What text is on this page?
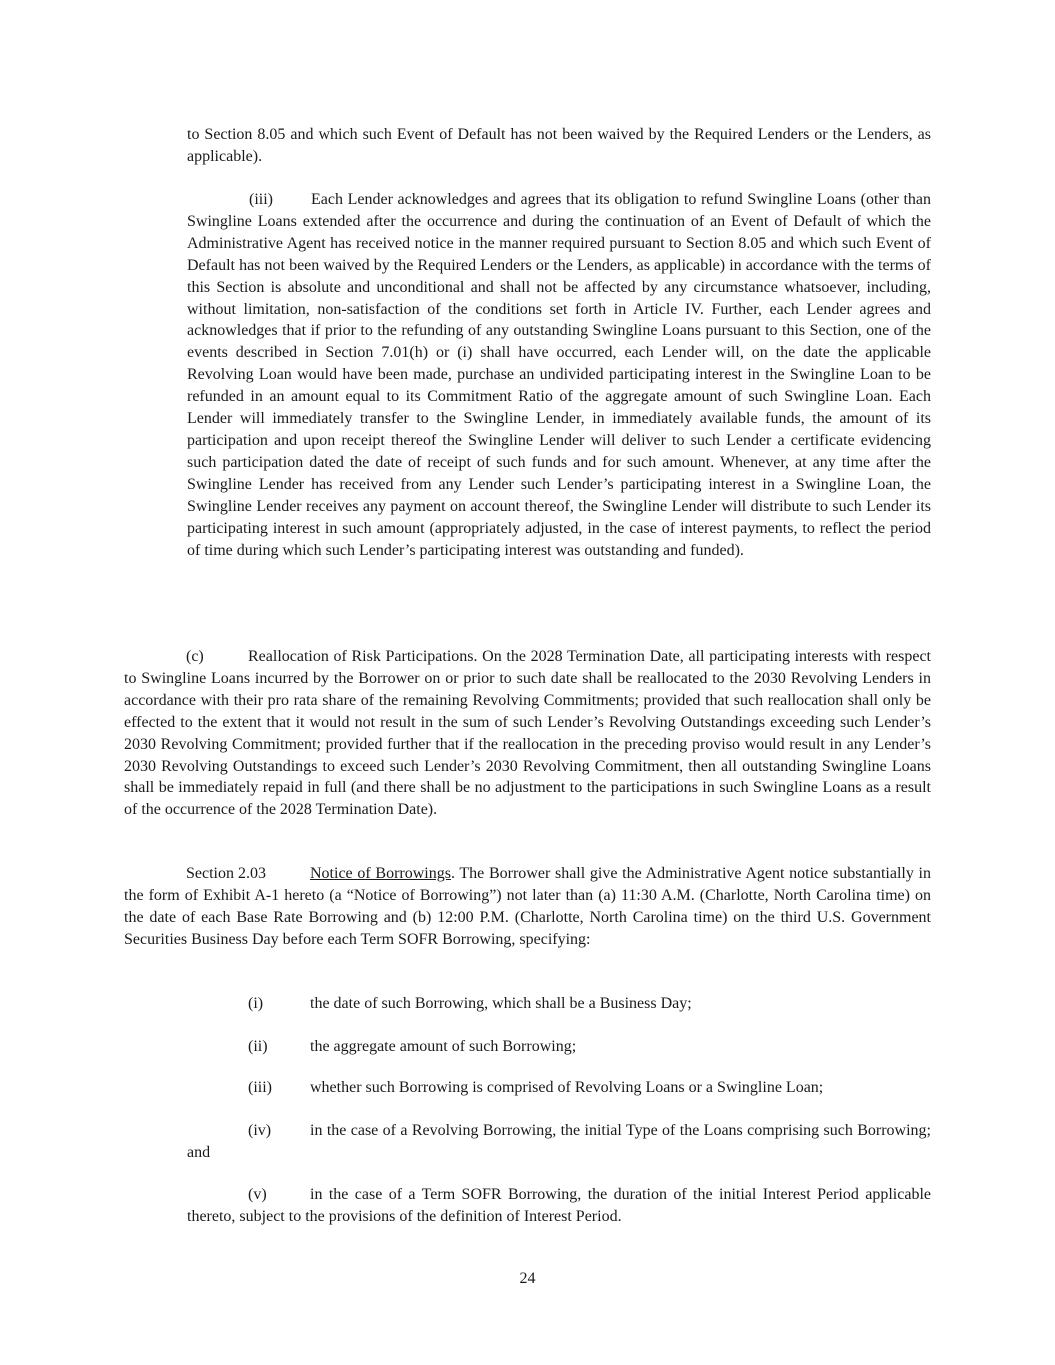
to Section 8.05 and which such Event of Default has not been waived by the Required Lenders or the Lenders, as applicable).

(iii) Each Lender acknowledges and agrees that its obligation to refund Swingline Loans (other than Swingline Loans extended after the occurrence and during the continuation of an Event of Default of which the Administrative Agent has received notice in the manner required pursuant to Section 8.05 and which such Event of Default has not been waived by the Required Lenders or the Lenders, as applicable) in accordance with the terms of this Section is absolute and unconditional and shall not be affected by any circumstance whatsoever, including, without limitation, non-satisfaction of the conditions set forth in Article IV. Further, each Lender agrees and acknowledges that if prior to the refunding of any outstanding Swingline Loans pursuant to this Section, one of the events described in Section 7.01(h) or (i) shall have occurred, each Lender will, on the date the applicable Revolving Loan would have been made, purchase an undivided participating interest in the Swingline Loan to be refunded in an amount equal to its Commitment Ratio of the aggregate amount of such Swingline Loan. Each Lender will immediately transfer to the Swingline Lender, in immediately available funds, the amount of its participation and upon receipt thereof the Swingline Lender will deliver to such Lender a certificate evidencing such participation dated the date of receipt of such funds and for such amount. Whenever, at any time after the Swingline Lender has received from any Lender such Lender’s participating interest in a Swingline Loan, the Swingline Lender receives any payment on account thereof, the Swingline Lender will distribute to such Lender its participating interest in such amount (appropriately adjusted, in the case of interest payments, to reflect the period of time during which such Lender’s participating interest was outstanding and funded).

(c)	Reallocation of Risk Participations. On the 2028 Termination Date, all participating interests with respect to Swingline Loans incurred by the Borrower on or prior to such date shall be reallocated to the 2030 Revolving Lenders in accordance with their pro rata share of the remaining Revolving Commitments; provided that such reallocation shall only be effected to the extent that it would not result in the sum of such Lender’s Revolving Outstandings exceeding such Lender’s 2030 Revolving Commitment; provided further that if the reallocation in the preceding proviso would result in any Lender’s 2030 Revolving Outstandings to exceed such Lender’s 2030 Revolving Commitment, then all outstanding Swingline Loans shall be immediately repaid in full (and there shall be no adjustment to the participations in such Swingline Loans as a result of the occurrence of the 2028 Termination Date).

Section 2.03	Notice of Borrowings. The Borrower shall give the Administrative Agent notice substantially in the form of Exhibit A-1 hereto (a “Notice of Borrowing”) not later than (a) 11:30 A.M. (Charlotte, North Carolina time) on the date of each Base Rate Borrowing and (b) 12:00 P.M. (Charlotte, North Carolina time) on the third U.S. Government Securities Business Day before each Term SOFR Borrowing, specifying:

(i)	the date of such Borrowing, which shall be a Business Day;
(ii)	the aggregate amount of such Borrowing;
(iii) whether such Borrowing is comprised of Revolving Loans or a Swingline Loan;

(iv) in the case of a Revolving Borrowing, the initial Type of the Loans comprising such Borrowing; and

(v)	in the case of a Term SOFR Borrowing, the duration of the initial Interest Period applicable thereto, subject to the provisions of the definition of Interest Period.

24
